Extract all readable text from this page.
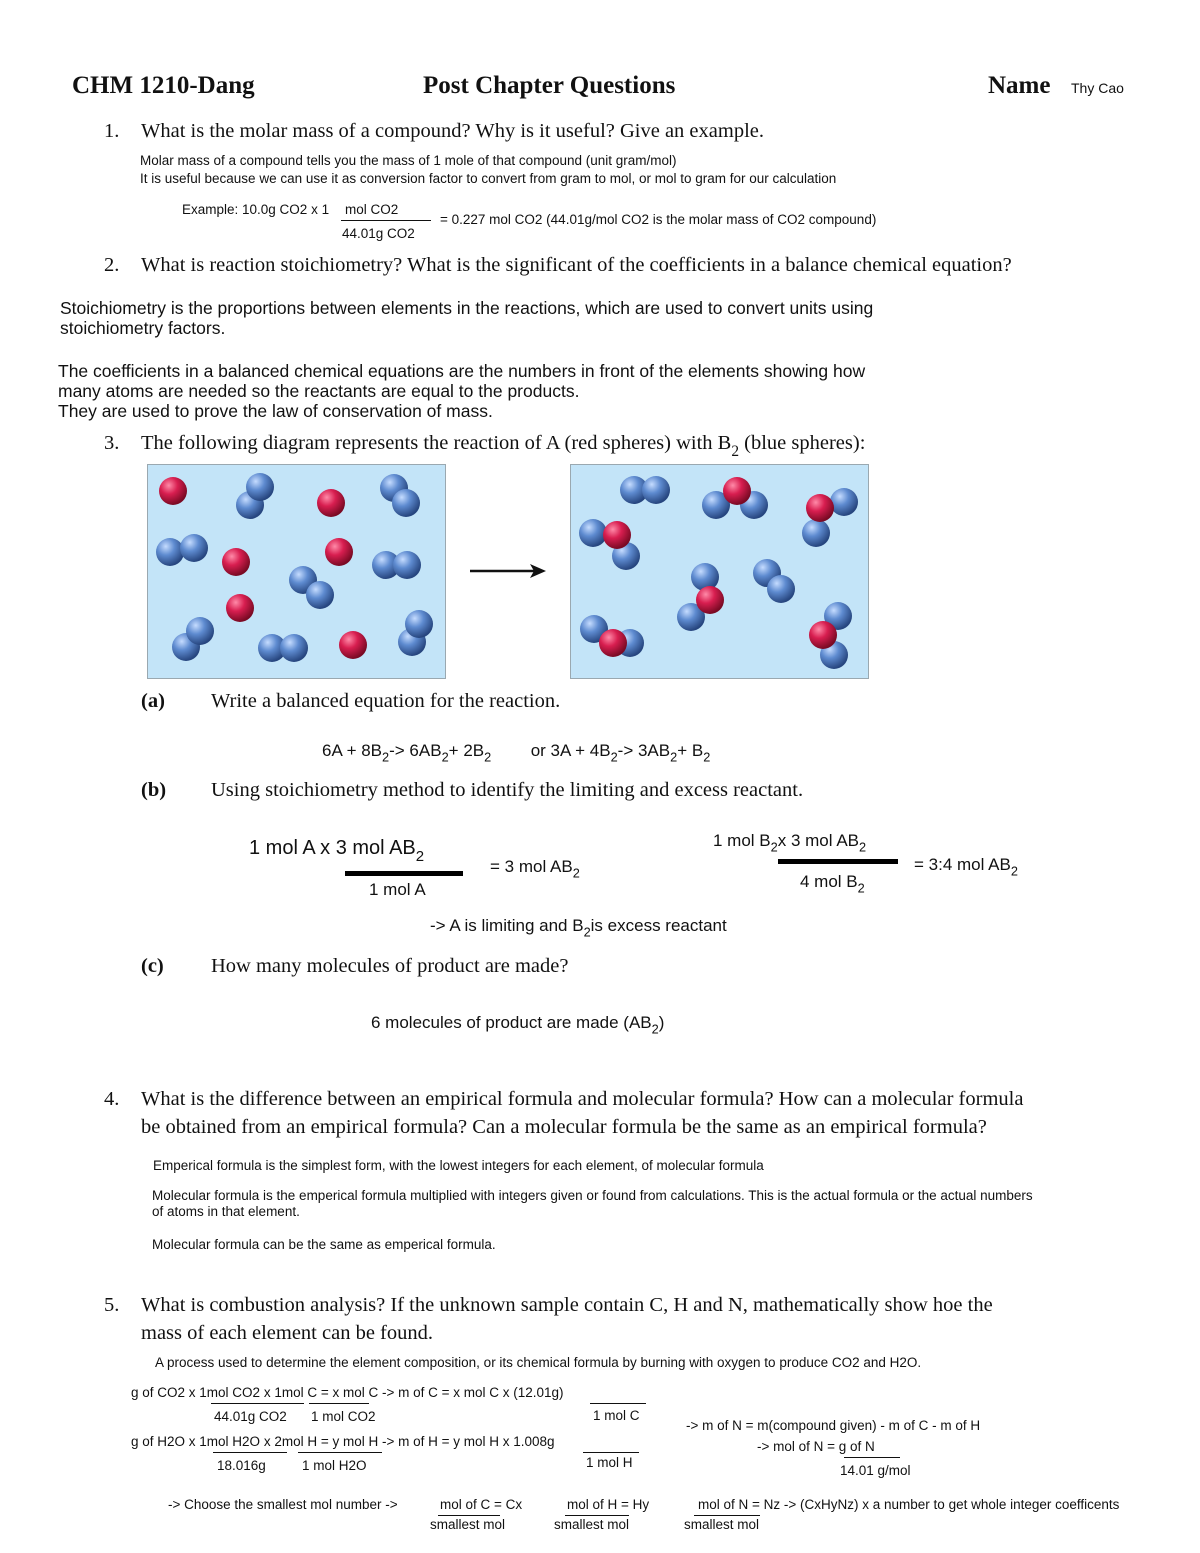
CHM 1210-Dang	Post Chapter Questions	Name Thy Cao
1. What is the molar mass of a compound? Why is it useful? Give an example.
Molar mass of a compound tells you the mass of 1 mole of that compound (unit gram/mol)
It is useful because we can use it as conversion factor to convert from gram to mol, or mol to gram for our calculation
Example: 10.0g CO2 x 1 mol CO2
44.01g CO2
= 0.227 mol CO2 (44.01g/mol CO2 is the molar mass of CO2 compound)
2. What is reaction stoichiometry? What is the significant of the coefficients in a balance chemical equation?
Stoichiometry is the proportions between elements in the reactions, which are used to convert units using
stoichiometry factors.
The coefficients in a balanced chemical equations are the numbers in front of the elements showing how
many atoms are needed so the reactants are equal to the products.
They are used to prove the law of conservation of mass.
3. The following diagram represents the reaction of A (red spheres) with $B_2$ (blue spheres):
(a) Write a balanced equation for the reaction.
$6A + 8B_2-> 6AB_2+ 2B_2$ or $3A + 4B_2-> 3AB_2+ B_2$
(b) Using stoichiometry method to identify the limiting and excess reactant.
1 mol A x 3 mol $AB_2$
1 mol A
= 3 mol $AB_2$
1 mol $B_2x$ 3 mol $AB_2$
4 mol $B_2$
= 3:4 mol $AB_2$
-> A is limiting and $B_2is$ excess reactant
(c) How many molecules of product are made?
6 molecules of product are made $(AB_2)$
4. What is the difference between an empirical formula and molecular formula? How can a molecular formula
be obtained from an empirical formula? Can a molecular formula be the same as an empirical formula?
Emperical formula is the simplest form, with the lowest integers for each element, of molecular formula
Molecular formula is the emperical formula multiplied with integers given or found from calculations. This is the actual formula or the actual numbers
of atoms in that element.
Molecular formula can be the same as emperical formula.
5. What is combustion analysis? If the unknown sample contain C, H and N, mathematically show hoe the
mass of each element can be found.
A process used to determine the element composition, or its chemical formula by burning with oxygen to produce CO2 and H2O.
g of CO2 x 1mol CO2 x 1mol C = x mol C -> m of C = x mol C x (12.01g)
44.01g CO2 1 mol CO2	1 mol C
g of H2O x 1mol H2O x 2mol H = y mol H -> m of H = y mol H x 1.008g
18.016g	1 mol H2O	1 mol H
-> m of N = m(compound given) - m of C - m of H
-> mol of N = g of N
14.01 g/mol
-> Choose the smallest mol number ->	mol of C = Cx
smallest mol
mol of H = Hy
smallest mol
mol of N = Nz -> (CxHyNz) x a number to get whole integer coefficents
smallest mol
